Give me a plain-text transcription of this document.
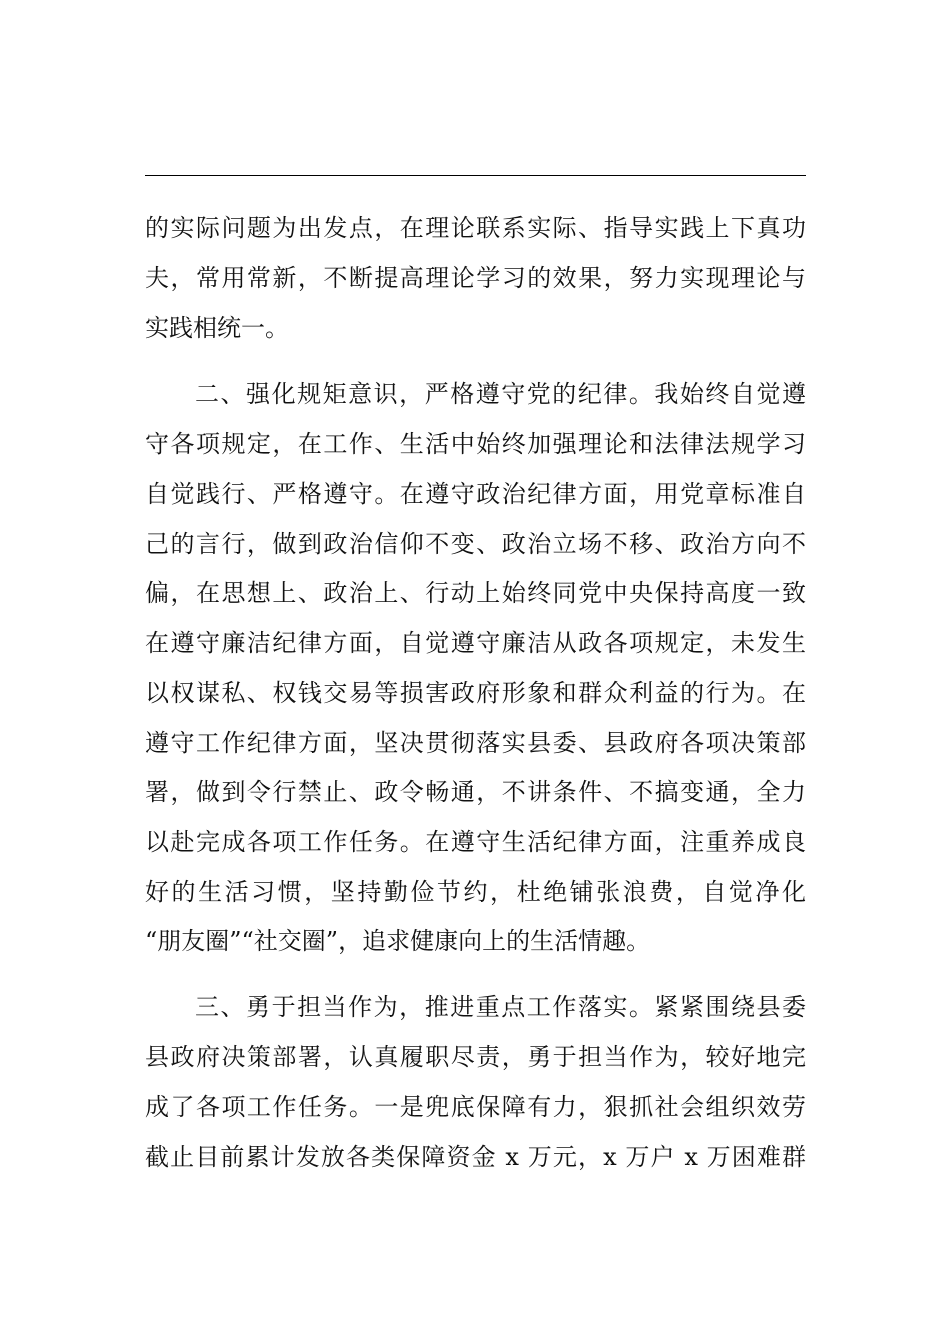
的实际问题为出发点，在理论联系实际、指导实践上下真功
夫，常用常新，不断提高理论学习的效果，努力实现理论与
实践相统一。
二、强化规矩意识，严格遵守党的纪律。我始终自觉遵
守各项规定，在工作、生活中始终加强理论和法律法规学习
自觉践行、严格遵守。在遵守政治纪律方面，用党章标准自
己的言行，做到政治信仰不变、政治立场不移、政治方向不
偏，在思想上、政治上、行动上始终同党中央保持高度一致
在遵守廉洁纪律方面，自觉遵守廉洁从政各项规定，未发生
以权谋私、权钱交易等损害政府形象和群众利益的行为。在
遵守工作纪律方面，坚决贯彻落实县委、县政府各项决策部
署，做到令行禁止、政令畅通，不讲条件、不搞变通，全力
以赴完成各项工作任务。在遵守生活纪律方面，注重养成良
好的生活习惯，坚持勤俭节约，杜绝铺张浪费，自觉净化
“朋友圈”“社交圈”，追求健康向上的生活情趣。
三、勇于担当作为，推进重点工作落实。紧紧围绕县委
县政府决策部署，认真履职尽责，勇于担当作为，较好地完
成了各项工作任务。一是兜底保障有力，狠抓社会组织效劳
截止目前累计发放各类保障资金 x 万元，x 万户 x 万困难群
